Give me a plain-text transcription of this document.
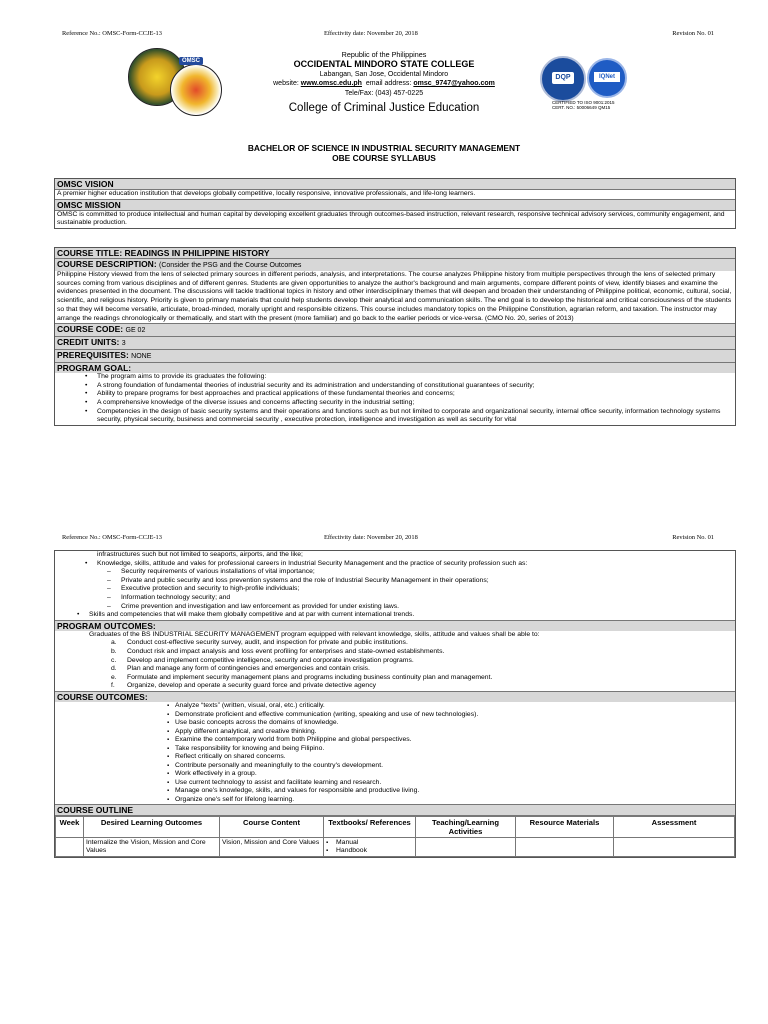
Reference No.: OMSC-Form-CCJE-13	Effectivity date: November 20, 2018	Revision No. 01
OMSC
Republic of the Philippines
OCCIDENTAL MINDORO STATE COLLEGE
Labangan, San Jose, Occidental Mindoro
website: www.omsc.edu.ph email address: omsc_9747@yahoo.com
Tele/Fax: (043) 457-0225
College of Criminal Justice Education
DQP	IQNet
CERTIFIED TO ISO 9001:2015
CERT. NO.: 50006649 QM15
BACHELOR OF SCIENCE IN INDUSTRIAL SECURITY MANAGEMENT
OBE COURSE SYLLABUS
OMSC VISION
A premier higher education institution that develops globally competitive, locally responsive, innovative professionals, and life-long learners.
OMSC MISSION
OMSC is committed to produce intellectual and human capital by developing excellent graduates through outcomes-based instruction, relevant research, responsive technical advisory services, community engagement, and sustainable production.
COURSE TITLE: READINGS IN PHILIPPINE HISTORY
COURSE DESCRIPTION: (Consider the PSG and the Course Outcomes
Philippine History viewed from the lens of selected primary sources in different periods, analysis, and interpretations. The course analyzes Philippine history from multiple perspectives through the lens of selected primary sources coming from various disciplines and of different genres. Students are given opportunities to analyze the author's background and main arguments, compare different points of view, identify biases and examine the evidences presented in the document. The discussions will tackle traditional topics in history and other interdisciplinary themes that will deepen and broaden their understanding of Philippine political, economic, cultural, social, scientific, and religious history. Priority is given to primary materials that could help students develop their analytical and communication skills. The end goal is to develop the historical and critical consciousness of the students so that they will become versatile, articulate, broad-minded, morally upright and responsible citizens. This course includes mandatory topics on the Philippine Constitution, agrarian reform, and taxation. The instructor may arrange the readings chronologically or thematically, and start with the present (more familiar) and go back to the earlier periods or vice-versa. (CMO No. 20, series of 2013)
COURSE CODE: GE 02
CREDIT UNITS: 3
PREREQUISITES: NONE
PROGRAM GOAL:
• The program aims to provide its graduates the following:
• A strong foundation of fundamental theories of industrial security and its administration and understanding of constitutional guarantees of security;
• Ability to prepare programs for best approaches and practical applications of these fundamental theories and concerns;
• A comprehensive knowledge of the diverse issues and concerns affecting security in the industrial setting;
• Competencies in the design of basic security systems and their operations and functions such as but not limited to corporate and organizational security, internal office security, information technology systems security, physical security, business and commercial security , executive protection, intelligence and investigation as well as security for vital
Reference No.: OMSC-Form-CCJE-13	Effectivity date: November 20, 2018	Revision No. 01
infrastructures such but not limited to seaports, airports, and the like;
• Knowledge, skills, attitude and vales for professional careers in Industrial Security Management and the practice of security profession such as:
– Security requirements of various installations of vital importance;
– Private and public security and loss prevention systems and the role of Industrial Security Management in their operations;
– Executive protection and security to high-profile individuals;
– Information technology security; and
– Crime prevention and investigation and law enforcement as provided for under existing laws.
• Skills and competencies that will make them globally competitive and at par with current international trends.
PROGRAM OUTCOMES:
Graduates of the BS INDUSTRIAL SECURITY MANAGEMENT program equipped with relevant knowledge, skills, attitude and values shall be able to:
a. Conduct cost-effective security survey, audit, and inspection for private and public institutions.
b. Conduct risk and impact analysis and loss event profiling for enterprises and state-owned establishments.
c. Develop and implement competitive intelligence, security and corporate investigation programs.
d. Plan and manage any form of contingencies and emergencies and contain crisis.
e. Formulate and implement security management plans and programs including business continuity plan and management.
f. Organize, develop and operate a security guard force and private detective agency
COURSE OUTCOMES:
▪ Analyze “texts” (written, visual, oral, etc.) critically.
▪ Demonstrate proficient and effective communication (writing, speaking and use of new technologies).
▪ Use basic concepts across the domains of knowledge.
▪ Apply different analytical, and creative thinking.
▪ Examine the contemporary world from both Philippine and global perspectives.
▪ Take responsibility for knowing and being Filipino.
▪ Reflect critically on shared concerns.
▪ Contribute personally and meaningfully to the country's development.
▪ Work effectively in a group.
▪ Use current technology to assist and facilitate learning and research.
▪ Manage one's knowledge, skills, and values for responsible and productive living.
▪ Organize one's self for lifelong learning.
COURSE OUTLINE
Week	Desired Learning Outcomes	Course Content	Textbooks/ References	Teaching/Learning Activities	Resource Materials	Assessment
	Internalize the Vision, Mission and Core Values	Vision, Mission and Core Values	▪ Manual
▪ Handbook
